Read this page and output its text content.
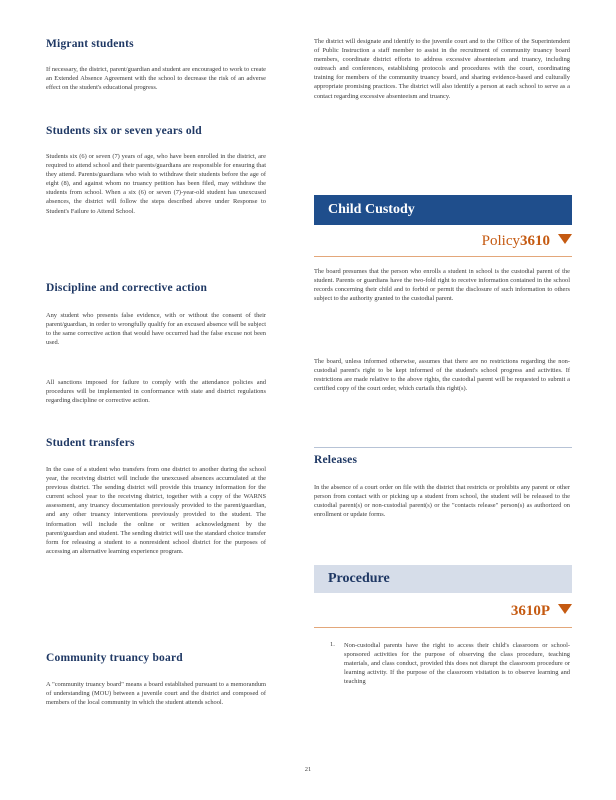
Migrant students

If necessary, the district, parent/guardian and student are encouraged to work to create an Extended Absence Agreement with the school to decrease the risk of an adverse effect on the student's educational progress.

Students six or seven years old

Students six (6) or seven (7) years of age, who have been enrolled in the district, are required to attend school and their parents/guardians are responsible for ensuring that they attend. Parents/guardians who wish to withdraw their students before the age of eight (8), and against whom no truancy petition has been filed, may withdraw the students from school. When a six (6) or seven (7)-year-old student has unexcused absences, the district will follow the steps described above under Response to Student's Failure to Attend School.

Discipline and corrective action

Any student who presents false evidence, with or without the consent of their parent/guardian, in order to wrongfully qualify for an excused absence will be subject to the same corrective action that would have occurred had the false excuse not been used.

All sanctions imposed for failure to comply with the attendance policies and procedures will be implemented in conformance with state and district regulations regarding discipline or corrective action.

Student transfers

In the case of a student who transfers from one district to another during the school year, the receiving district will include the unexcused absences accumulated at the previous district. The sending district will provide this truancy information for the current school year to the receiving district, together with a copy of the WARNS assessment, any truancy documentation previously provided to the parent/guardian, and any other truancy interventions previously provided to the student. The information will include the online or written acknowledgment by the parent/guardian and student. The sending district will use the standard choice transfer form for releasing a student to a nonresident school district for the purposes of accessing an alternative learning experience program.

Community truancy board

A "community truancy board" means a board established pursuant to a memorandum of understanding (MOU) between a juvenile court and the district and composed of members of the local community in which the student attends school.

The district will designate and identify to the juvenile court and to the Office of the Superintendent of Public Instruction a staff member to assist in the recruitment of community truancy board members, coordinate district efforts to address excessive absenteeism and truancy, including outreach and conferences, establishing protocols and procedures with the court, coordinating training for members of the community truancy board, and sharing evidence-based and culturally appropriate promising practices. The district will also identify a person at each school to serve as a contact regarding excessive absenteeism and truancy.

Child Custody
Policy3610

The board presumes that the person who enrolls a student in school is the custodial parent of the student. Parents or guardians have the two-fold right to receive information contained in the school records concerning their child and to forbid or permit the disclosure of such information to others subject to the authority granted to the custodial parent.

The board, unless informed otherwise, assumes that there are no restrictions regarding the non-custodial parent's right to be kept informed of the student's school progress and activities. If restrictions are made relative to the above rights, the custodial parent will be requested to submit a certified copy of the court order, which curtails this right(s).

Releases

In the absence of a court order on file with the district that restricts or prohibits any parent or other person from contact with or picking up a student from school, the student will be released to the custodial parent(s) or non-custodial parent(s) or the "contacts release" person(s) as authorized on enrollment or update forms.

Procedure
3610P
1. Non-custodial parents have the right to access their child's classroom or school-sponsored activities for the purpose of observing the class procedure, teaching materials, and class conduct, provided this does not disrupt the classroom procedure or learning activity. If the purpose of the classroom visitation is to observe learning and teaching

21
